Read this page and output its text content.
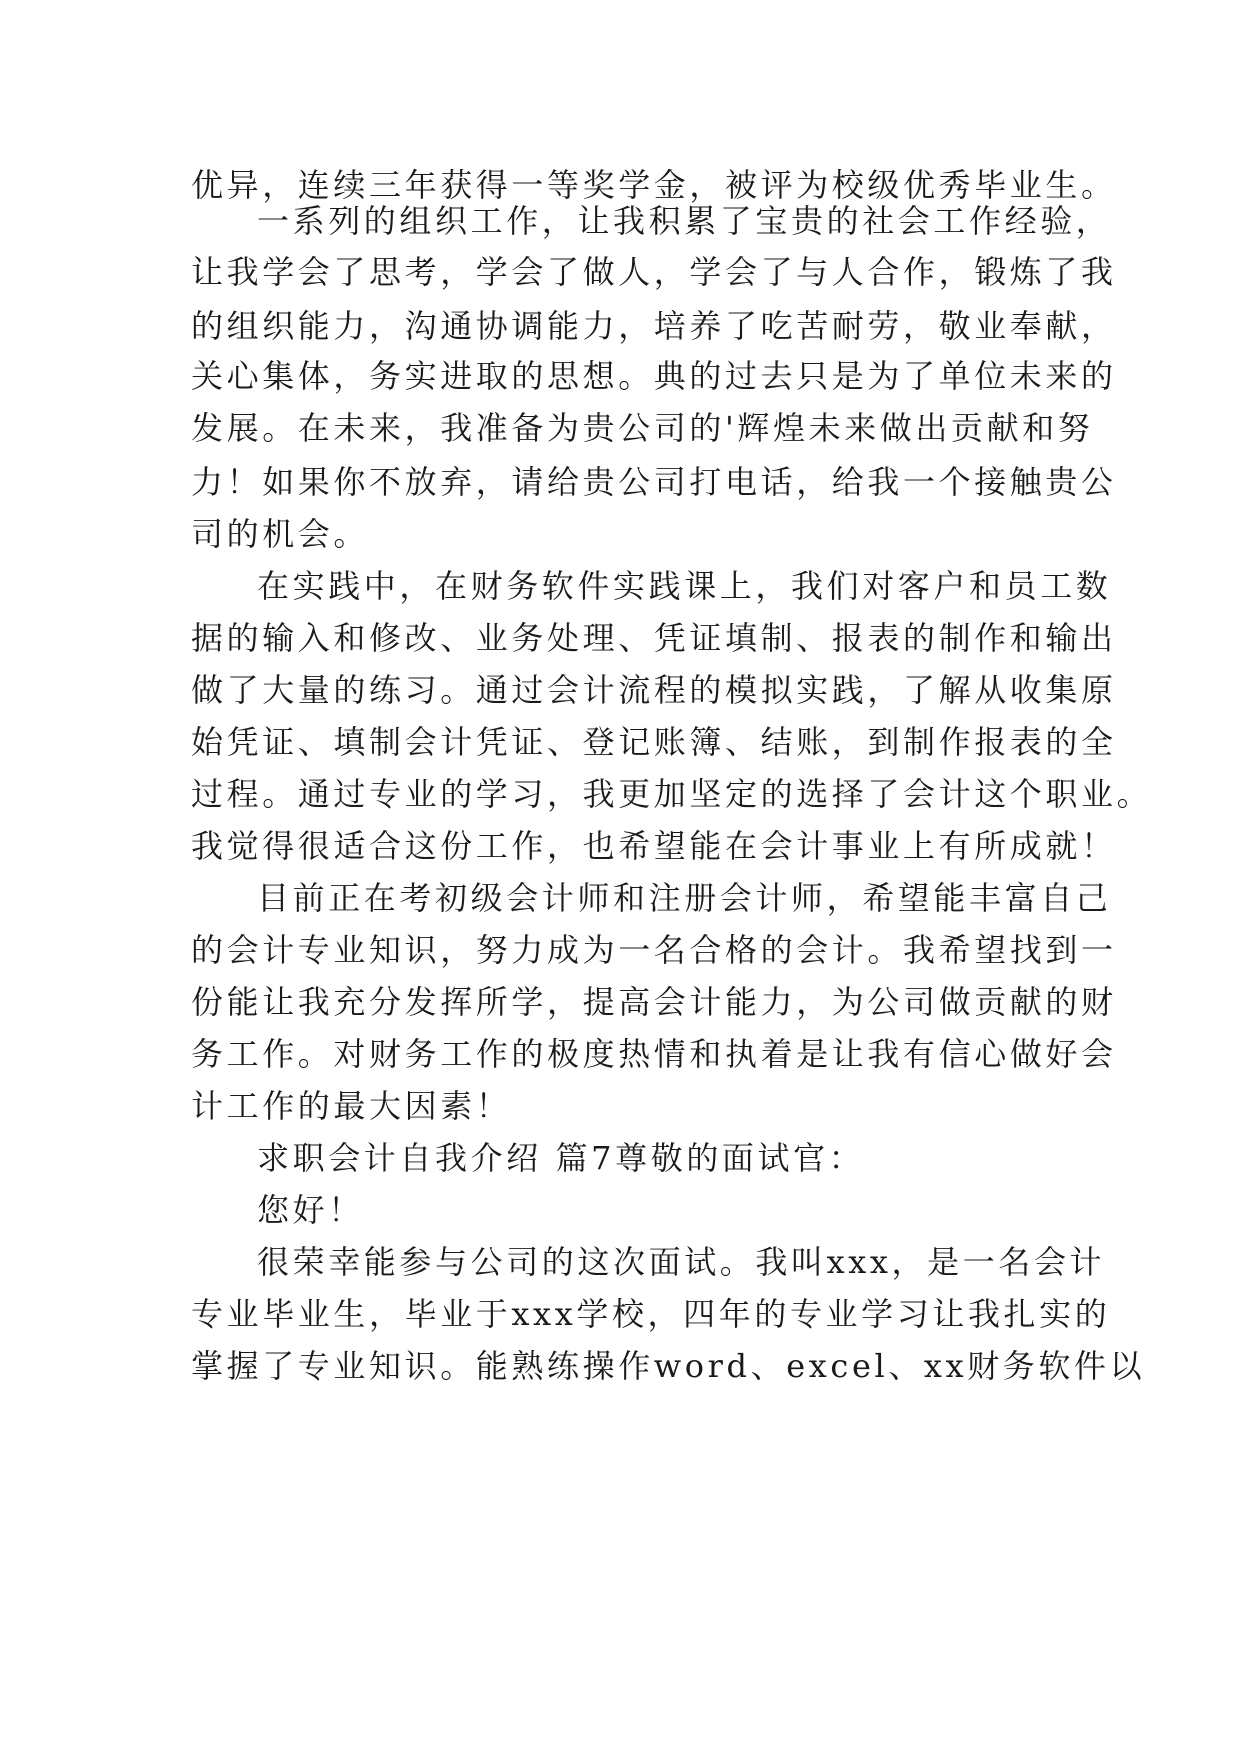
优异，连续三年获得一等奖学金，被评为校级优秀毕业生。
一系列的组织工作，让我积累了宝贵的社会工作经验，
让我学会了思考，学会了做人，学会了与人合作，锻炼了我
的组织能力，沟通协调能力，培养了吃苦耐劳，敬业奉献，
关心集体，务实进取的思想。典的过去只是为了单位未来的
发展。在未来，我准备为贵公司的'辉煌未来做出贡献和努
力！如果你不放弃，请给贵公司打电话，给我一个接触贵公
司的机会。
在实践中，在财务软件实践课上，我们对客户和员工数
据的输入和修改、业务处理、凭证填制、报表的制作和输出
做了大量的练习。通过会计流程的模拟实践，了解从收集原
始凭证、填制会计凭证、登记账簿、结账，到制作报表的全
过程。通过专业的学习，我更加坚定的选择了会计这个职业。
我觉得很适合这份工作，也希望能在会计事业上有所成就！
目前正在考初级会计师和注册会计师，希望能丰富自己
的会计专业知识，努力成为一名合格的会计。我希望找到一
份能让我充分发挥所学，提高会计能力，为公司做贡献的财
务工作。对财务工作的极度热情和执着是让我有信心做好会
计工作的最大因素！
求职会计自我介绍 篇7尊敬的面试官：
您好！
很荣幸能参与公司的这次面试。我叫xxx，是一名会计
专业毕业生，毕业于xxx学校，四年的专业学习让我扎实的
掌握了专业知识。能熟练操作word、excel、xx财务软件以
